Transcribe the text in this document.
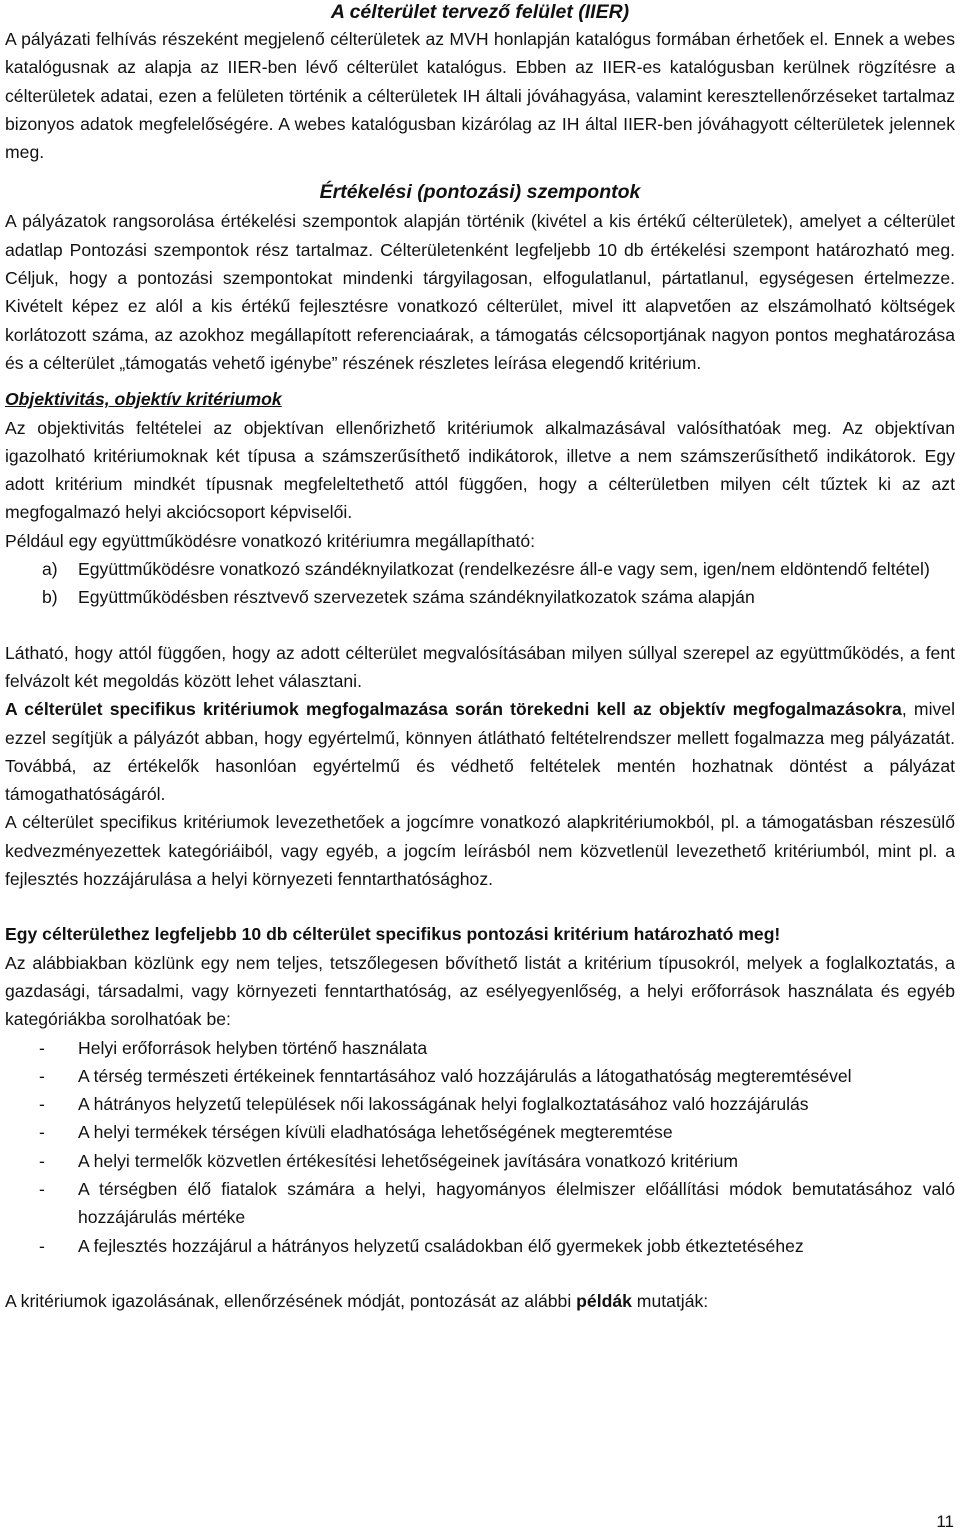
A célterület tervező felület (IIER)

A pályázati felhívás részeként megjelenő célterületek az MVH honlapján katalógus formában érhetőek el. Ennek a webes katalógusnak az alapja az IIER-ben lévő célterület katalógus. Ebben az IIER-es katalógusban kerülnek rögzítésre a célterületek adatai, ezen a felületen történik a célterületek IH általi jóváhagyása, valamint keresztellenőrzéseket tartalmaz bizonyos adatok megfelelőségére. A webes katalógusban kizárólag az IH által IIER-ben jóváhagyott célterületek jelennek meg.

Értékelési (pontozási) szempontok

A pályázatok rangsorolása értékelési szempontok alapján történik (kivétel a kis értékű célterületek), amelyet a célterület adatlap Pontozási szempontok rész tartalmaz. Célterületenként legfeljebb 10 db értékelési szempont határozható meg. Céljuk, hogy a pontozási szempontokat mindenki tárgyilagosan, elfogulatlanul, pártatlanul, egységesen értelmezze. Kivételt képez ez alól a kis értékű fejlesztésre vonatkozó célterület, mivel itt alapvetően az elszámolható költségek korlátozott száma, az azokhoz megállapított referenciaárak, a támogatás célcsoportjának nagyon pontos meghatározása és a célterület „támogatás vehető igénybe” részének részletes leírása elegendő kritérium.

Objektivitás, objektív kritériumok

Az objektivitás feltételei az objektívan ellenőrizhető kritériumok alkalmazásával valósíthatóak meg. Az objektívan igazolható kritériumoknak két típusa a számszerűsíthető indikátorok, illetve a nem számszerűsíthető indikátorok. Egy adott kritérium mindkét típusnak megfeleltethető attól függően, hogy a célterületben milyen célt tűztek ki az azt megfogalmazó helyi akciócsoport képviselői.

Például egy együttműködésre vonatkozó kritériumra megállapítható:

a) Együttműködésre vonatkozó szándéknyilatkozat (rendelkezésre áll-e vagy sem, igen/nem eldöntendő feltétel)
b) Együttműködésben résztvevő szervezetek száma szándéknyilatkozatok száma alapján

Látható, hogy attól függően, hogy az adott célterület megvalósításában milyen súllyal szerepel az együttműködés, a fent felvázolt két megoldás között lehet választani.

A célterület specifikus kritériumok megfogalmazása során törekedni kell az objektív megfogalmazásokra, mivel ezzel segítjük a pályázót abban, hogy egyértelmű, könnyen átlátható feltételrendszer mellett fogalmazza meg pályázatát. Továbbá, az értékelők hasonlóan egyértelmű és védhető feltételek mentén hozhatnak döntést a pályázat támogathatóságáról.

A célterület specifikus kritériumok levezethetőek a jogcímre vonatkozó alapkritériumokból, pl. a támogatásban részesülő kedvezményezettek kategóriáiból, vagy egyéb, a jogcím leírásból nem közvetlenül levezethető kritériumból, mint pl. a fejlesztés hozzájárulása a helyi környezeti fenntarthatósághoz.

Egy célterülethez legfeljebb 10 db célterület specifikus pontozási kritérium határozható meg!

Az alábbiakban közlünk egy nem teljes, tetszőlegesen bővíthető listát a kritérium típusokról, melyek a foglalkoztatás, a gazdasági, társadalmi, vagy környezeti fenntarthatóság, az esélyegyenlőség, a helyi erőforrások használata és egyéb kategóriákba sorolhatóak be:

- Helyi erőforrások helyben történő használata
- A térség természeti értékeinek fenntartásához való hozzájárulás a látogathatóság megteremtésével
- A hátrányos helyzetű települések női lakosságának helyi foglalkoztatásához való hozzájárulás
- A helyi termékek térségen kívüli eladhatósága lehetőségének megteremtése
- A helyi termelők közvetlen értékesítési lehetőségeinek javítására vonatkozó kritérium
- A térségben élő fiatalok számára a helyi, hagyományos élelmiszer előállítási módok bemutatásához való hozzájárulás mértéke
- A fejlesztés hozzájárul a hátrányos helyzetű családokban élő gyermekek jobb étkeztetéséhez

A kritériumok igazolásának, ellenőrzésének módját, pontozását az alábbi példák mutatják:

11
